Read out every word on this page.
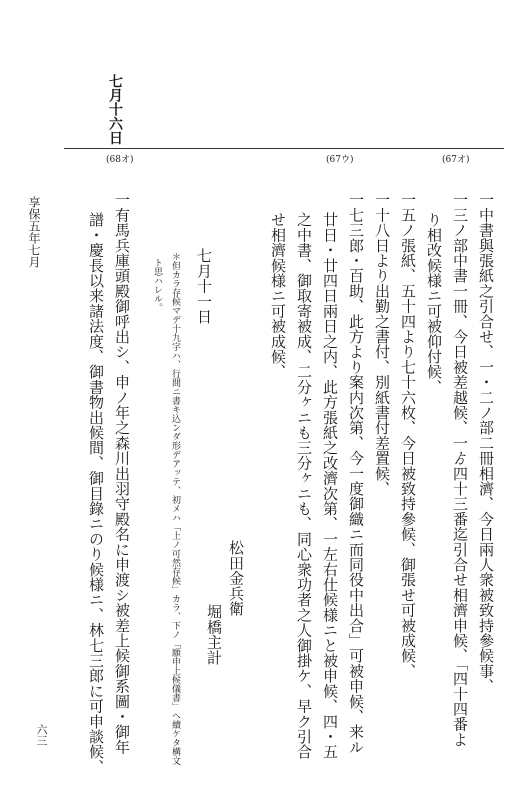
七月十六日
(68オ)	(67ウ)	(67オ)
一中書與張紙之引合せ、一・二ノ部二冊相濟、今日兩人衆被致持參候事、
一三ノ部中書一冊、今日被差越候、一ゟ四十三番迄引合せ相濟申候、「四十四番よ
り相改候様ニ可被仰付候、
一五ノ張紙、五十四より七十六枚、今日被致持參候、御張せ可被成候、
一十八日より出勤之書付、別紙書付差置候、
一七三郎・百助、此方より案内次第、今一度御織ニ而同役中出合」可被申候、来ル
廿日・廿四日兩日之内、此方張紙之改濟次第、一左右仕候様ニと被申候、四・五
之中書、御取寄被成、二分ヶニも三分ヶニも、同心衆功者之人御掛ケ、早ク引合
せ相濟候様ニ可被成候、
松田金兵衛
堀橋主計
七月十一日
＊但カラ存候マデ十九字ハ、行間ニ書キ込ンダ形デアッテ、初メハ「上ノ可然存候」カラ、下ノ「願申上候儀書」ヘ續ケタ構文
ト思ハレル。
一有馬兵庫頭殿御呼出シ、申ノ年之森川出羽守殿名に申渡シ被差上候御系圖・御年
譜・慶長以来諸法度、御書物出候間、御目錄ニのり候様ニ、林七三郎に可申談候、
享保五年七月
六三
